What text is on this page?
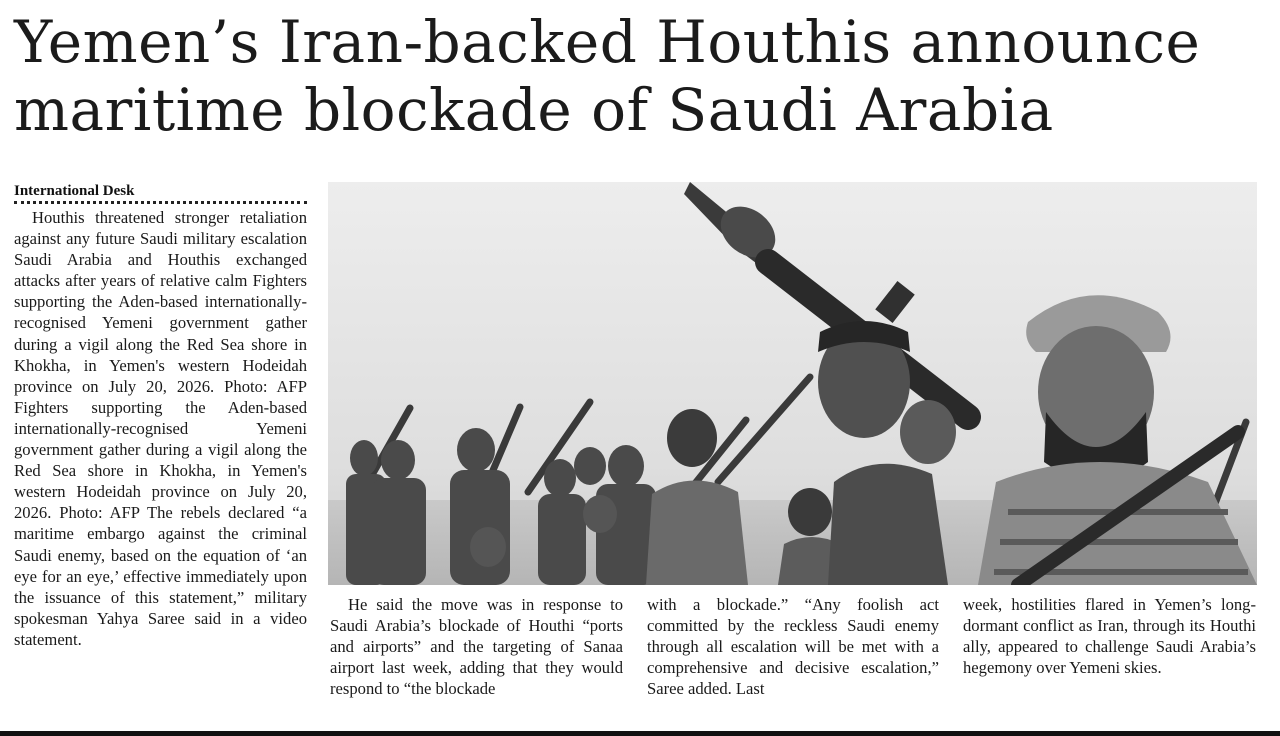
Yemen’s Iran-backed Houthis announce maritime blockade of Saudi Arabia
International Desk

Houthis threatened stronger retaliation against any future Saudi military escalation Saudi Arabia and Houthis exchanged attacks after years of relative calm Fighters supporting the Aden-based internationally-recognised Yemeni government gather during a vigil along the Red Sea shore in Khokha, in Yemen's western Hodeidah province on July 20, 2026. Photo: AFP Fighters supporting the Aden-based internationally-recognised Yemeni government gather during a vigil along the Red Sea shore in Khokha, in Yemen's western Hodeidah province on July 20, 2026. Photo: AFP The rebels declared “a maritime embargo against the criminal Saudi enemy, based on the equation of ‘an eye for an eye,’ effective immediately upon the issuance of this statement,” military spokesman Yahya Saree said in a video statement.

He said the move was in response to Saudi Arabia’s blockade of Houthi “ports and airports” and the targeting of Sanaa airport last week, adding that they would respond to “the blockade

with a blockade.” “Any foolish act committed by the reckless Saudi enemy through all escalation will be met with a comprehensive and decisive escalation,” Saree added. Last

week, hostilities flared in Yemen’s long-dormant conflict as Iran, through its Houthi ally, appeared to challenge Saudi Arabia’s hegemony over Yemeni skies.
